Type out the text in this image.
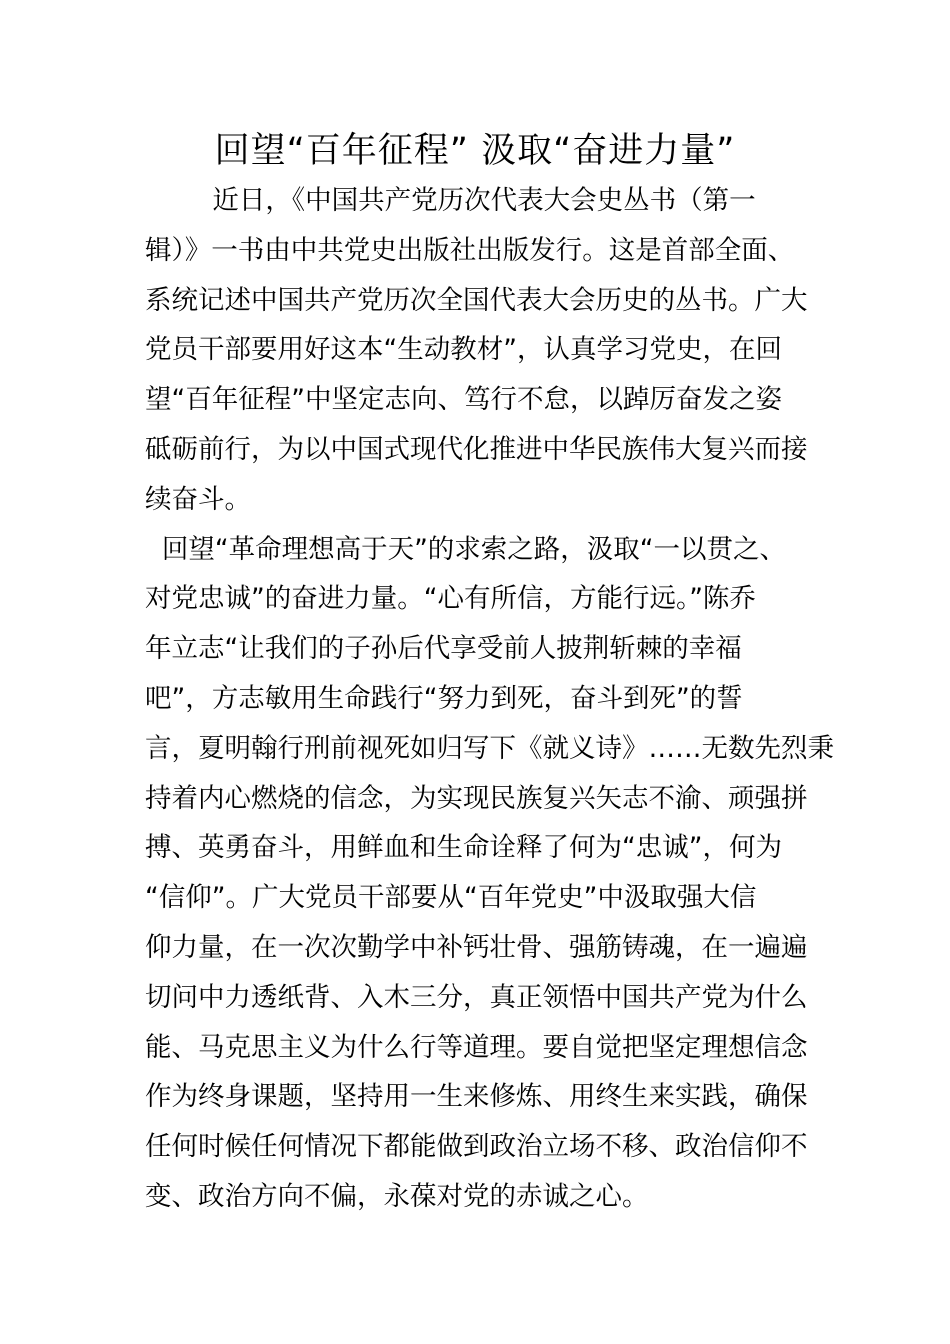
回望“百年征程” 汲取“奋进力量”
近日，《中国共产党历次代表大会史丛书（第一
辑）》一书由中共党史出版社出版发行。这是首部全面、
系统记述中国共产党历次全国代表大会历史的丛书。广大
党员干部要用好这本“生动教材”，认真学习党史，在回
望“百年征程”中坚定志向、笃行不怠，以踔厉奋发之姿
砥砺前行，为以中国式现代化推进中华民族伟大复兴而接
续奋斗。
回望“革命理想高于天”的求索之路，汲取“一以贯之、
对党忠诚”的奋进力量。“心有所信，方能行远。”陈乔
年立志“让我们的子孙后代享受前人披荆斩棘的幸福
吧”，方志敏用生命践行“努力到死，奋斗到死”的誓
言，夏明翰行刑前视死如归写下《就义诗》……无数先烈秉
持着内心燃烧的信念，为实现民族复兴矢志不渝、顽强拼
搏、英勇奋斗，用鲜血和生命诠释了何为“忠诚”，何为
“信仰”。广大党员干部要从“百年党史”中汲取强大信
仰力量，在一次次勤学中补钙壮骨、强筋铸魂，在一遍遍
切问中力透纸背、入木三分，真正领悟中国共产党为什么
能、马克思主义为什么行等道理。要自觉把坚定理想信念
作为终身课题，坚持用一生来修炼、用终生来实践，确保
任何时候任何情况下都能做到政治立场不移、政治信仰不
变、政治方向不偏，永葆对党的赤诚之心。
